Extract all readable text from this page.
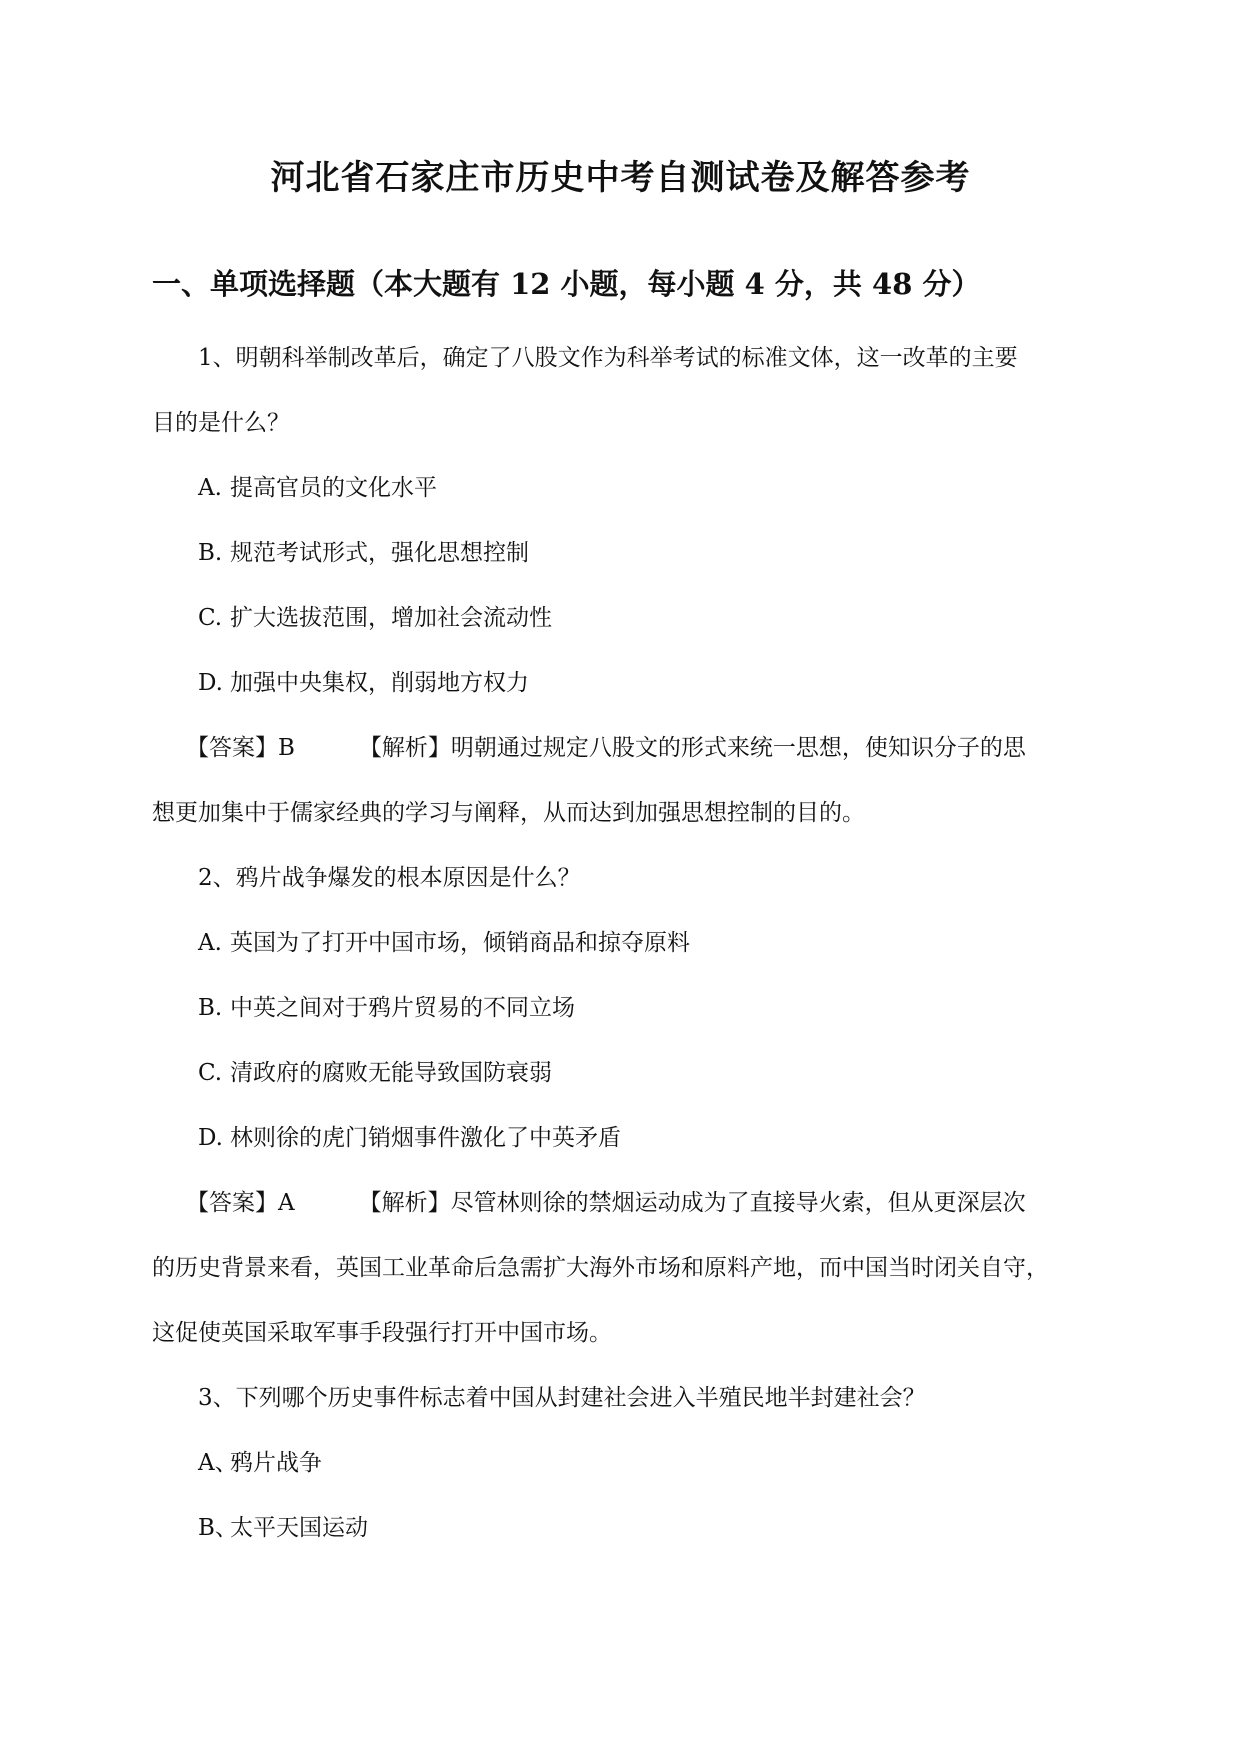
河北省石家庄市历史中考自测试卷及解答参考
一、单项选择题（本大题有 12 小题，每小题 4 分，共 48 分）

1、明朝科举制改革后，确定了八股文作为科举考试的标准文体，这一改革的主要

目的是什么？

A. 提高官员的文化水平

B. 规范考试形式，强化思想控制

C. 扩大选拔范围，增加社会流动性

D. 加强中央集权，削弱地方权力

【答案】B	【解析】明朝通过规定八股文的形式来统一思想，使知识分子的思

想更加集中于儒家经典的学习与阐释，从而达到加强思想控制的目的。

2、鸦片战争爆发的根本原因是什么？

A. 英国为了打开中国市场，倾销商品和掠夺原料

B. 中英之间对于鸦片贸易的不同立场

C. 清政府的腐败无能导致国防衰弱

D. 林则徐的虎门销烟事件激化了中英矛盾

【答案】A	【解析】尽管林则徐的禁烟运动成为了直接导火索，但从更深层次

的历史背景来看，英国工业革命后急需扩大海外市场和原料产地，而中国当时闭关自守，

这促使英国采取军事手段强行打开中国市场。

3、下列哪个历史事件标志着中国从封建社会进入半殖民地半封建社会？

A、鸦片战争

B、太平天国运动
